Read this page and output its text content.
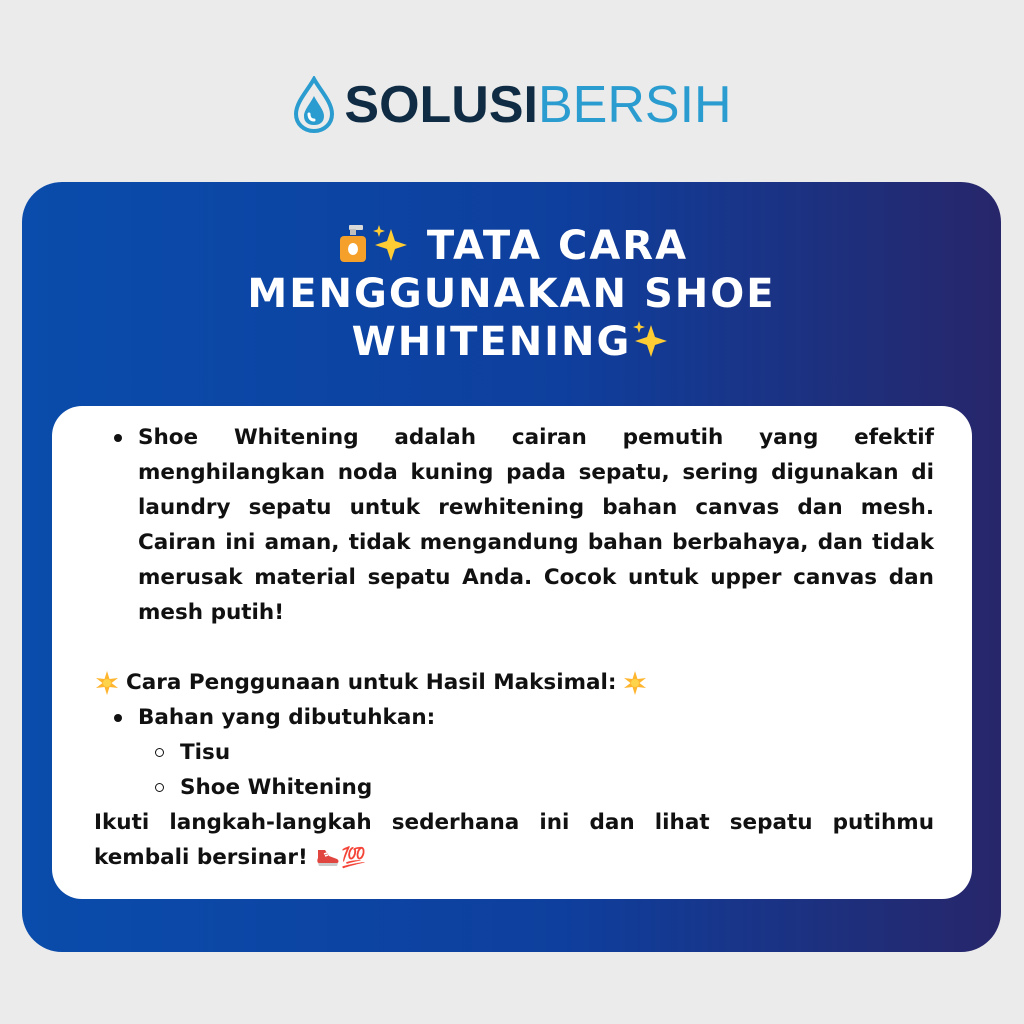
SOLUSIBERSIH
TATA CARA
MENGGUNAKAN SHOE
WHITENING
Shoe Whitening adalah cairan pemutih yang efektif menghilangkan noda kuning pada sepatu, sering digunakan di laundry sepatu untuk rewhitening bahan canvas dan mesh. Cairan ini aman, tidak mengandung bahan berbahaya, dan tidak merusak material sepatu Anda. Cocok untuk upper canvas dan mesh putih!
Cara Penggunaan untuk Hasil Maksimal:
Bahan yang dibutuhkan:
Tisu
Shoe Whitening
Ikuti langkah-langkah sederhana ini dan lihat sepatu putihmu kembali bersinar! 💯
